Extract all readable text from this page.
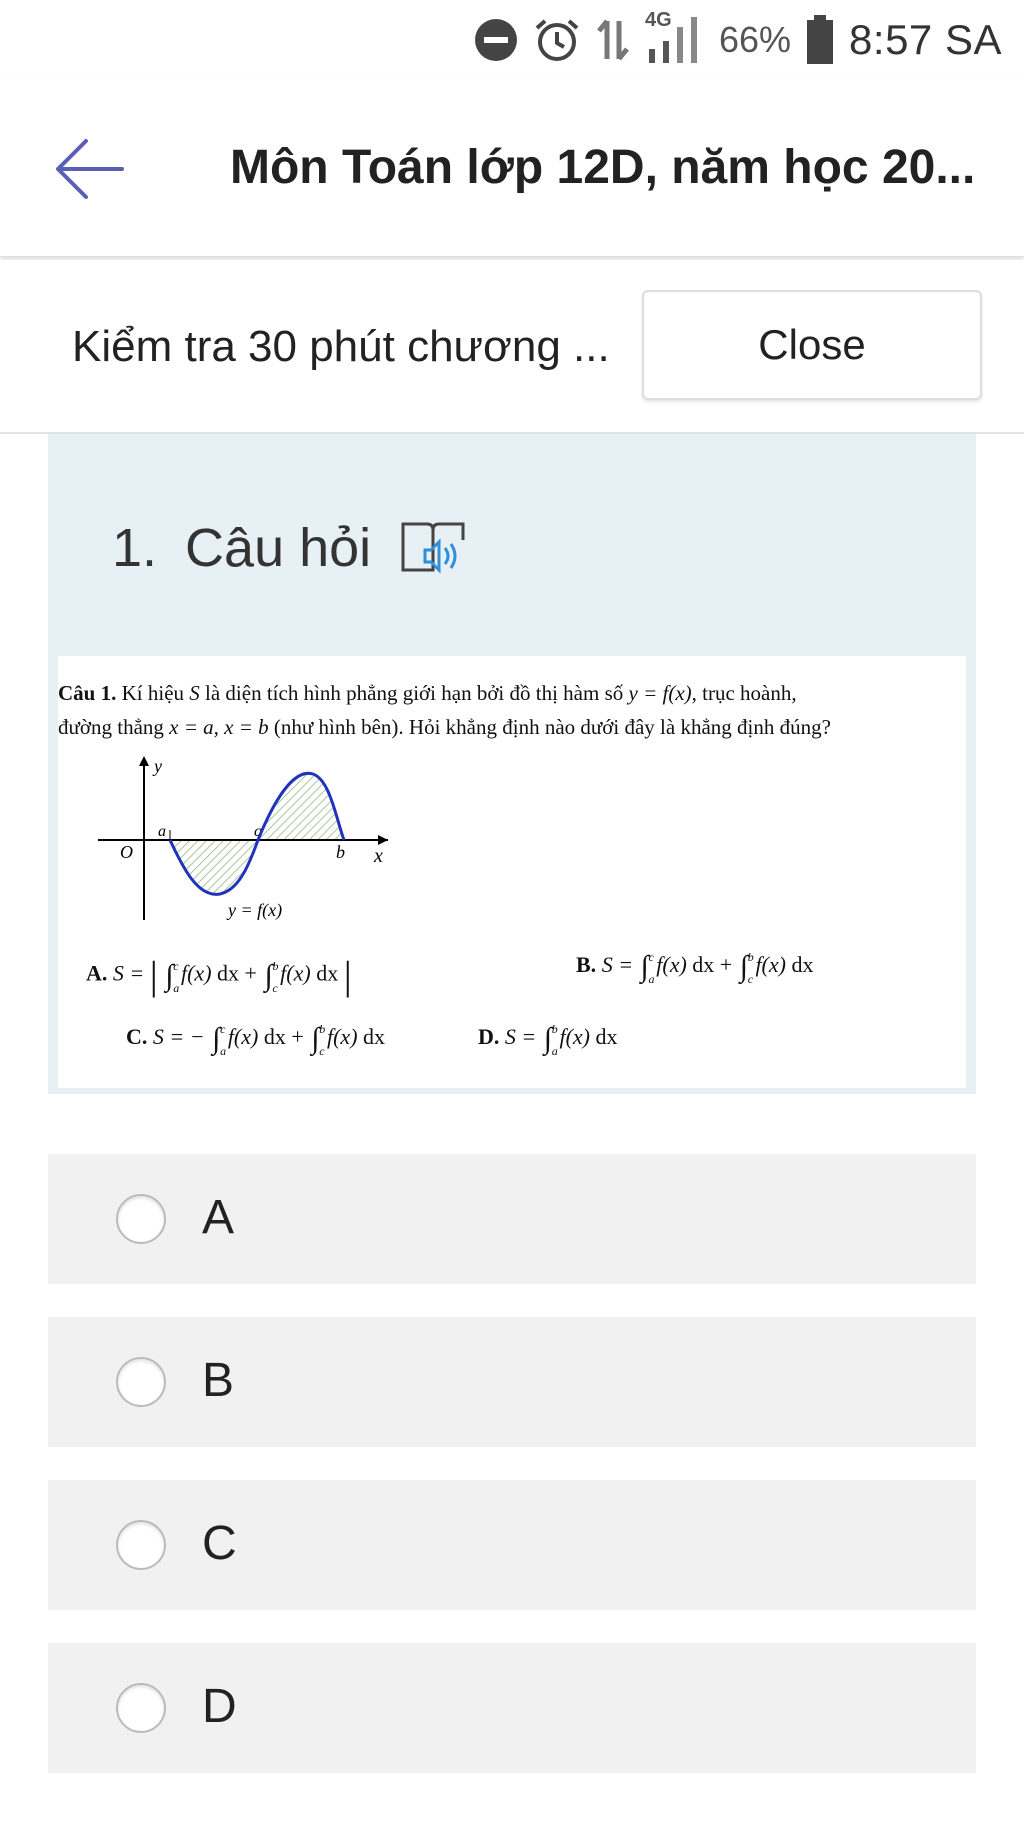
4G 66% 8:57 SA
Môn Toán lớp 12D, năm học 20...
Kiểm tra 30 phút chương ...	Close
1. Câu hỏi
Câu 1. Kí hiệu S là diện tích hình phẳng giới hạn bởi đồ thị hàm số y = f(x), trục hoành,
đường thẳng x = a, x = b (như hình bên). Hỏi khẳng định nào dưới đây là khẳng định đúng?
y
x
O
a	c
b
y = f(x)
A. S = | ∫ c
a
f(x) dx + ∫ b
c
f(x) dx |	B. S = ∫ c
a
f(x) dx + ∫ b
c
f(x) dx
C. S = − ∫ c
a
f(x) dx + ∫ b
c
f(x) dx	D. S = ∫ b
a
f(x) dx
A
B
C
D
